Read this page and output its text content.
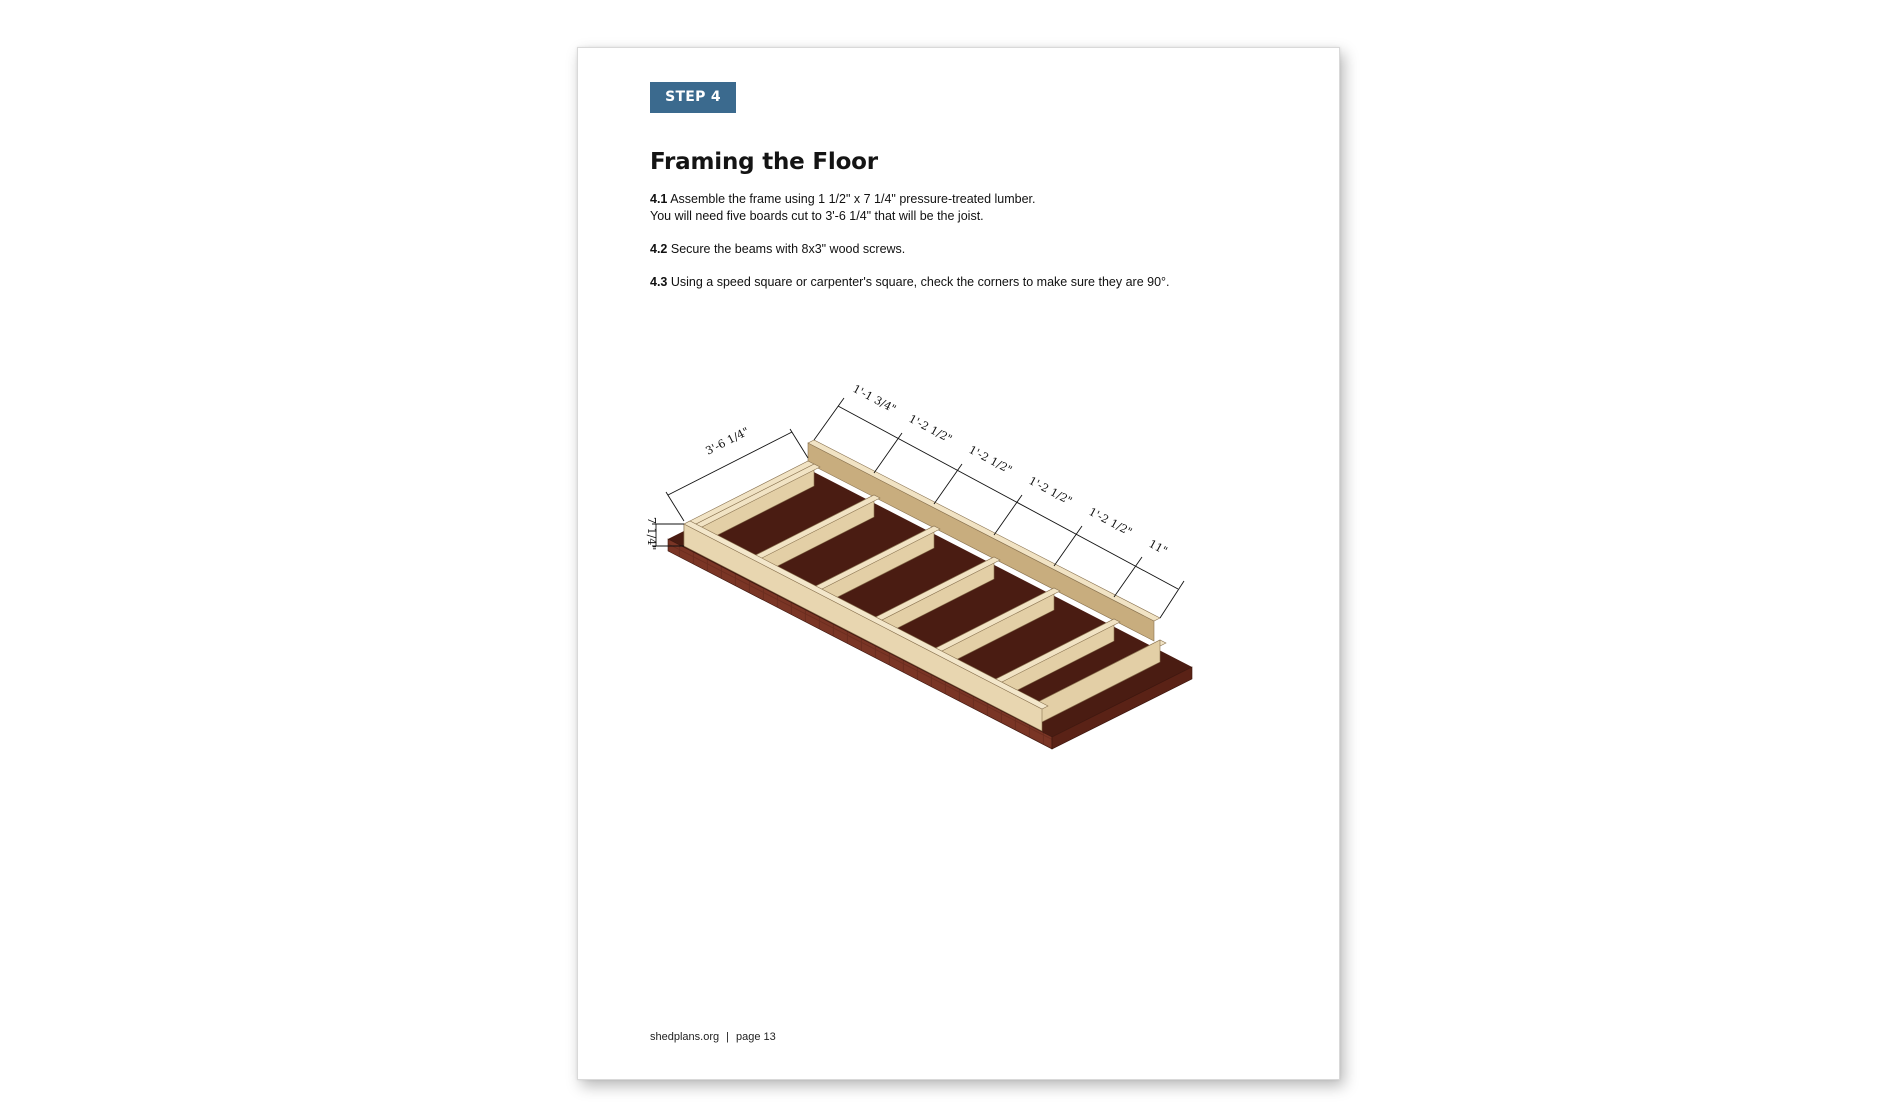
STEP 4
Framing the Floor

4.1 Assemble the frame using 1 1/2" x 7 1/4" pressure-treated lumber.
You will need five boards cut to 3'-6 1/4" that will be the joist.

4.2 Secure the beams with 8x3" wood screws.

4.3 Using a speed square or carpenter's square, check the corners to make sure they are 90°.

3'-6 1/4"
7 1/4"
1'-1 3/4"
1'-2 1/2"
1'-2 1/2"
1'-2 1/2"
1'-2 1/2"
11"
shedplans.org | page 13
